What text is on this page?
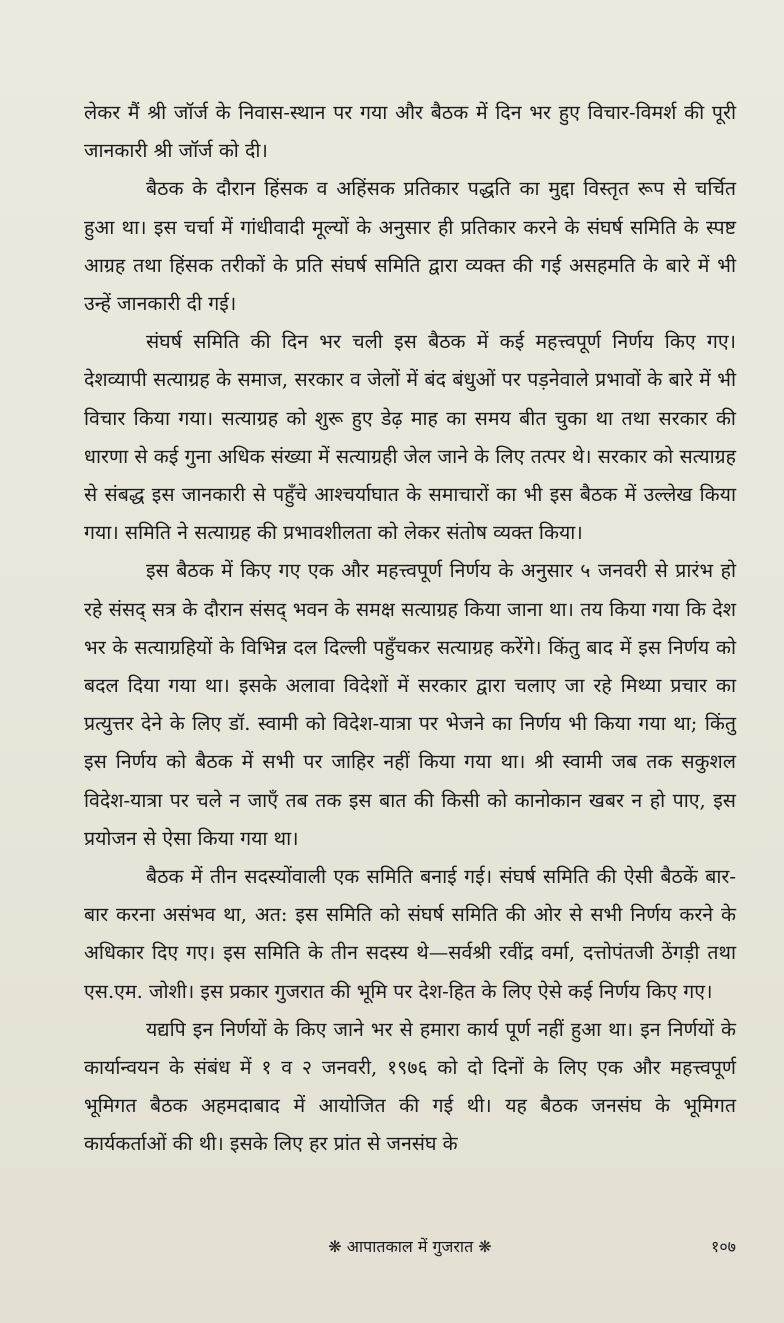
लेकर मैं श्री जॉर्ज के निवास-स्थान पर गया और बैठक में दिन भर हुए विचार-विमर्श की पूरी जानकारी श्री जॉर्ज को दी।

बैठक के दौरान हिंसक व अहिंसक प्रतिकार पद्धति का मुद्दा विस्तृत रूप से चर्चित हुआ था। इस चर्चा में गांधीवादी मूल्यों के अनुसार ही प्रतिकार करने के संघर्ष समिति के स्पष्ट आग्रह तथा हिंसक तरीकों के प्रति संघर्ष समिति द्वारा व्यक्त की गई असहमति के बारे में भी उन्हें जानकारी दी गई।

संघर्ष समिति की दिन भर चली इस बैठक में कई महत्त्वपूर्ण निर्णय किए गए। देशव्यापी सत्याग्रह के समाज, सरकार व जेलों में बंद बंधुओं पर पड़नेवाले प्रभावों के बारे में भी विचार किया गया। सत्याग्रह को शुरू हुए डेढ़ माह का समय बीत चुका था तथा सरकार की धारणा से कई गुना अधिक संख्या में सत्याग्रही जेल जाने के लिए तत्पर थे। सरकार को सत्याग्रह से संबद्ध इस जानकारी से पहुँचे आश्चर्याघात के समाचारों का भी इस बैठक में उल्लेख किया गया। समिति ने सत्याग्रह की प्रभावशीलता को लेकर संतोष व्यक्त किया।

इस बैठक में किए गए एक और महत्त्वपूर्ण निर्णय के अनुसार ५ जनवरी से प्रारंभ हो रहे संसद् सत्र के दौरान संसद् भवन के समक्ष सत्याग्रह किया जाना था। तय किया गया कि देश भर के सत्याग्रहियों के विभिन्न दल दिल्ली पहुँचकर सत्याग्रह करेंगे। किंतु बाद में इस निर्णय को बदल दिया गया था। इसके अलावा विदेशों में सरकार द्वारा चलाए जा रहे मिथ्या प्रचार का प्रत्युत्तर देने के लिए डॉ. स्वामी को विदेश-यात्रा पर भेजने का निर्णय भी किया गया था; किंतु इस निर्णय को बैठक में सभी पर जाहिर नहीं किया गया था। श्री स्वामी जब तक सकुशल विदेश-यात्रा पर चले न जाएँ तब तक इस बात की किसी को कानोकान खबर न हो पाए, इस प्रयोजन से ऐसा किया गया था।

बैठक में तीन सदस्योंवाली एक समिति बनाई गई। संघर्ष समिति की ऐसी बैठकें बार-बार करना असंभव था, अत: इस समिति को संघर्ष समिति की ओर से सभी निर्णय करने के अधिकार दिए गए। इस समिति के तीन सदस्य थे—सर्वश्री रवींद्र वर्मा, दत्तोपंतजी ठेंगड़ी तथा एस.एम. जोशी। इस प्रकार गुजरात की भूमि पर देश-हित के लिए ऐसे कई निर्णय किए गए।

यद्यपि इन निर्णयों के किए जाने भर से हमारा कार्य पूर्ण नहीं हुआ था। इन निर्णयों के कार्यान्वयन के संबंध में १ व २ जनवरी, १९७६ को दो दिनों के लिए एक और महत्त्वपूर्ण भूमिगत बैठक अहमदाबाद में आयोजित की गई थी। यह बैठक जनसंघ के भूमिगत कार्यकर्ताओं की थी। इसके लिए हर प्रांत से जनसंघ के

❋ आपातकाल में गुजरात ❋	१०७
